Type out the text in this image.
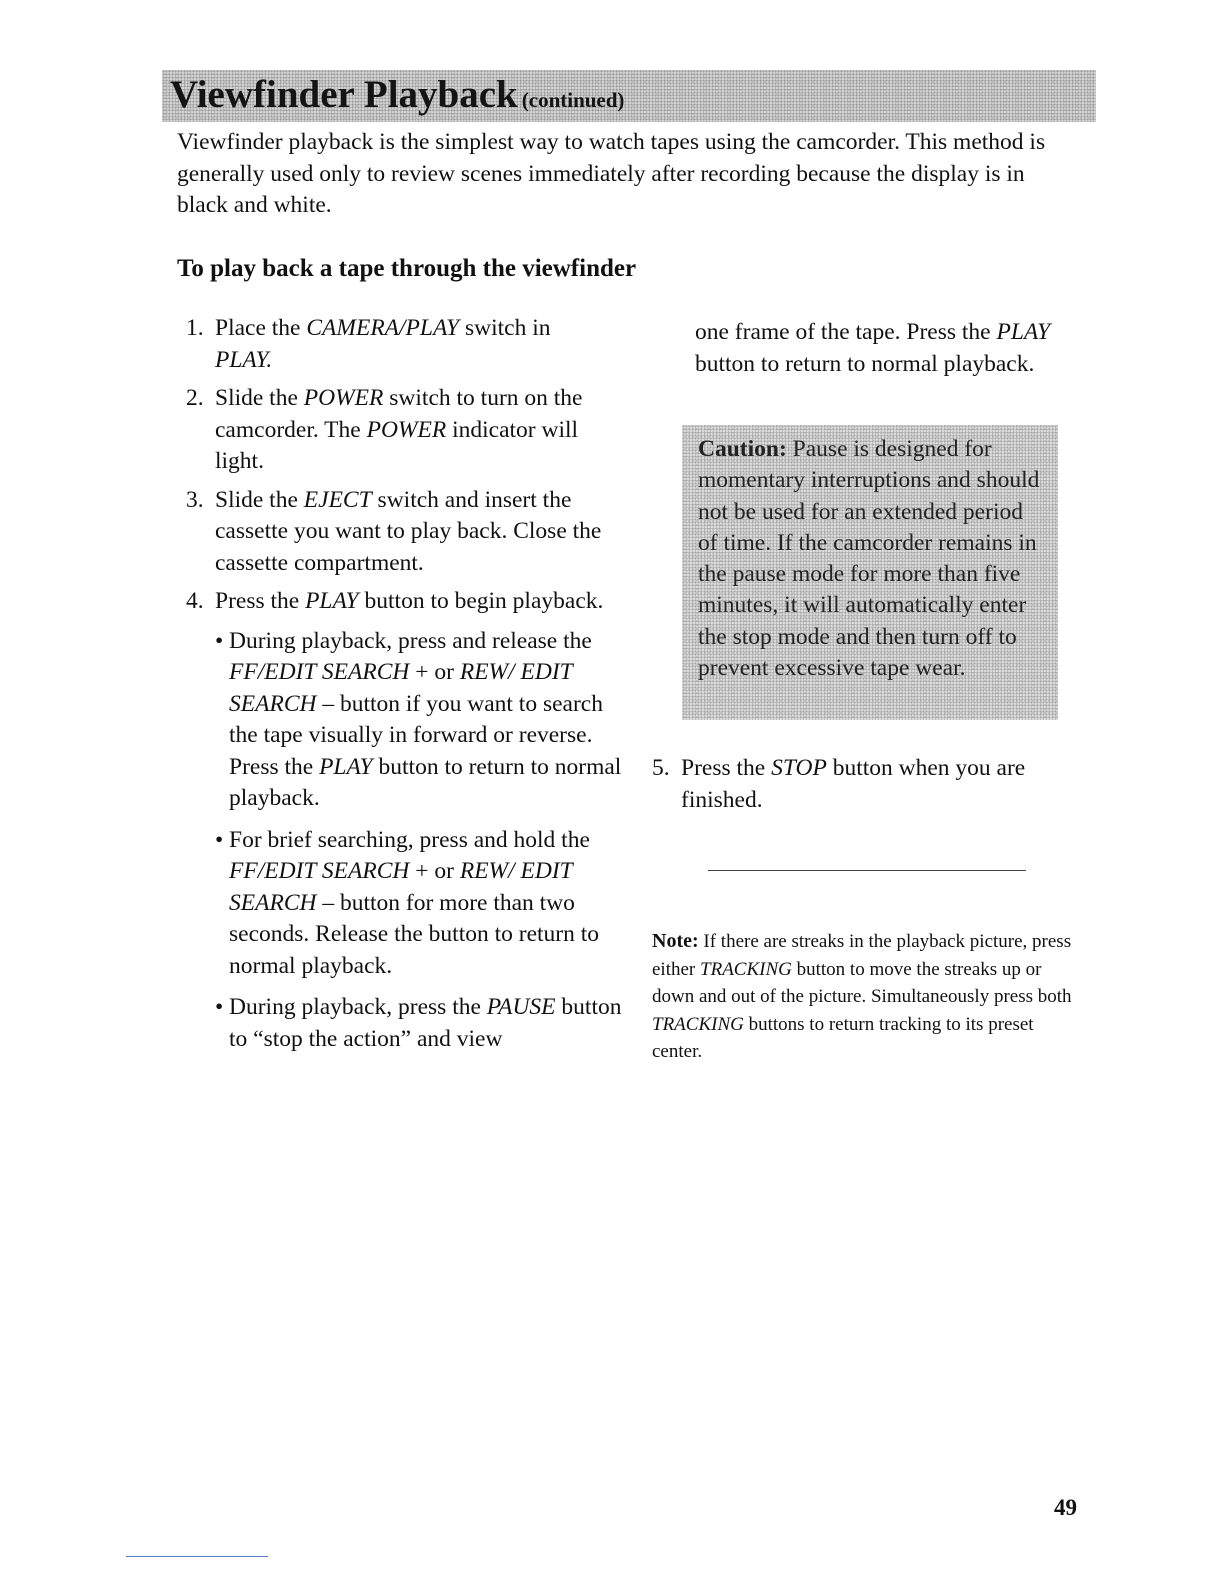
Viewfinder Playback (continued)

Viewfinder playback is the simplest way to watch tapes using the camcorder. This method is generally used only to review scenes immediately after recording because the display is in black and white.

To play back a tape through the viewfinder
1. Place the CAMERA/PLAY switch in
PLAY.
2. Slide the POWER switch to turn on the camcorder. The POWER indicator will light.
3. Slide the EJECT switch and insert the cassette you want to play back. Close the cassette compartment.
4. Press the PLAY button to begin playback.
• During playback, press and release the FF/EDIT SEARCH + or REW/ EDIT SEARCH – button if you want to search the tape visually in forward or reverse. Press the PLAY button to return to normal playback.
• For brief searching, press and hold the FF/EDIT SEARCH + or REW/ EDIT SEARCH – button for more than two seconds. Release the button to return to normal playback.
• During playback, press the PAUSE button to “stop the action” and view

one frame of the tape. Press the PLAY button to return to normal playback.

Caution: Pause is designed for momentary interruptions and should not be used for an extended period of time. If the camcorder remains in the pause mode for more than five minutes, it will automatically enter the stop mode and then turn off to prevent excessive tape wear.
5. Press the STOP button when you are finished.

Note: If there are streaks in the playback picture, press either TRACKING button to move the streaks up or down and out of the picture. Simultaneously press both TRACKING buttons to return tracking to its preset center.

49
